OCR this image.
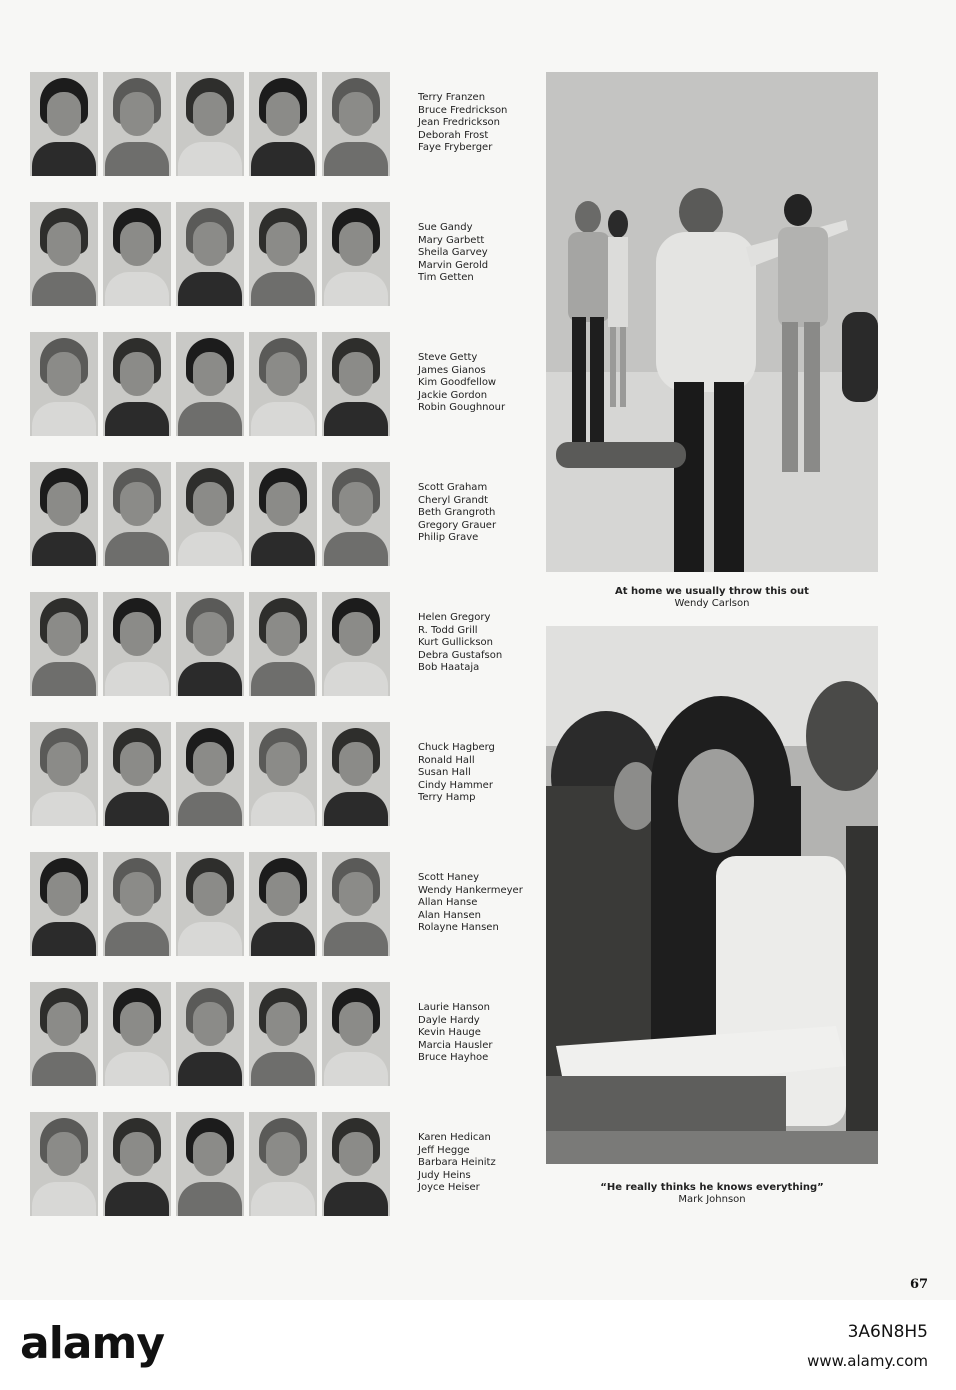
At home we usually throw this out
Wendy Carlson
“He really thinks he knows everything”
Mark Johnson
67
Terry Franzen
Bruce Fredrickson
Jean Fredrickson
Deborah Frost
Faye Fryberger
Sue Gandy
Mary Garbett
Sheila Garvey
Marvin Gerold
Tim Getten
Steve Getty
James Gianos
Kim Goodfellow
Jackie Gordon
Robin Goughnour
Scott Graham
Cheryl Grandt
Beth Grangroth
Gregory Grauer
Philip Grave
Helen Gregory
R. Todd Grill
Kurt Gullickson
Debra Gustafson
Bob Haataja
Chuck Hagberg
Ronald Hall
Susan Hall
Cindy Hammer
Terry Hamp
Scott Haney
Wendy Hankermeyer
Allan Hanse
Alan Hansen
Rolayne Hansen
Laurie Hanson
Dayle Hardy
Kevin Hauge
Marcia Hausler
Bruce Hayhoe
Karen Hedican
Jeff Hegge
Barbara Heinitz
Judy Heins
Joyce Heiser
alamy	3A6N8H5
www.alamy.com
